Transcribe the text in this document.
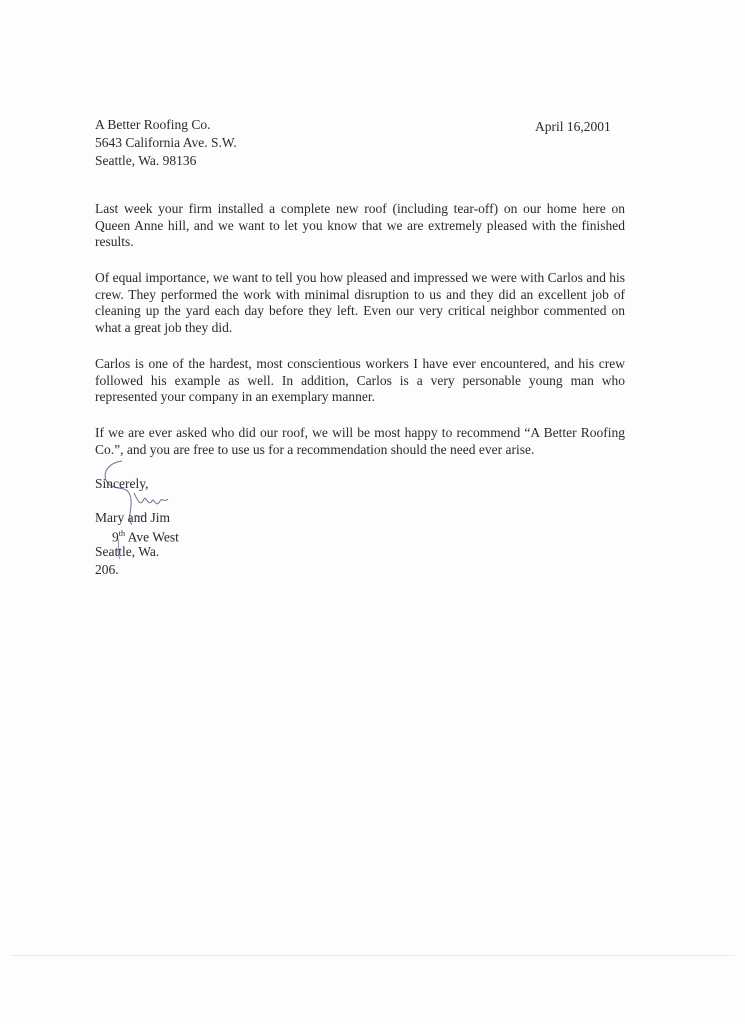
A Better Roofing Co.
5643 California Ave. S.W.
Seattle, Wa. 98136
April 16,2001

Last week your firm installed a complete new roof (including tear-off) on our home here on Queen Anne hill, and we want to let you know that we are extremely pleased with the finished results.

Of equal importance, we want to tell you how pleased and impressed we were with Carlos and his crew. They performed the work with minimal disruption to us and they did an excellent job of cleaning up the yard each day before they left. Even our very critical neighbor commented on what a great job they did.

Carlos is one of the hardest, most conscientious workers I have ever encountered, and his crew followed his example as well. In addition, Carlos is a very personable young man who represented your company in an exemplary manner.

If we are ever asked who did our roof, we will be most happy to recommend “A Better Roofing Co.”, and you are free to use us for a recommendation should the need ever arise.

Sincerely,
Mary and Jim
9th Ave West
Seattle, Wa.
206.
